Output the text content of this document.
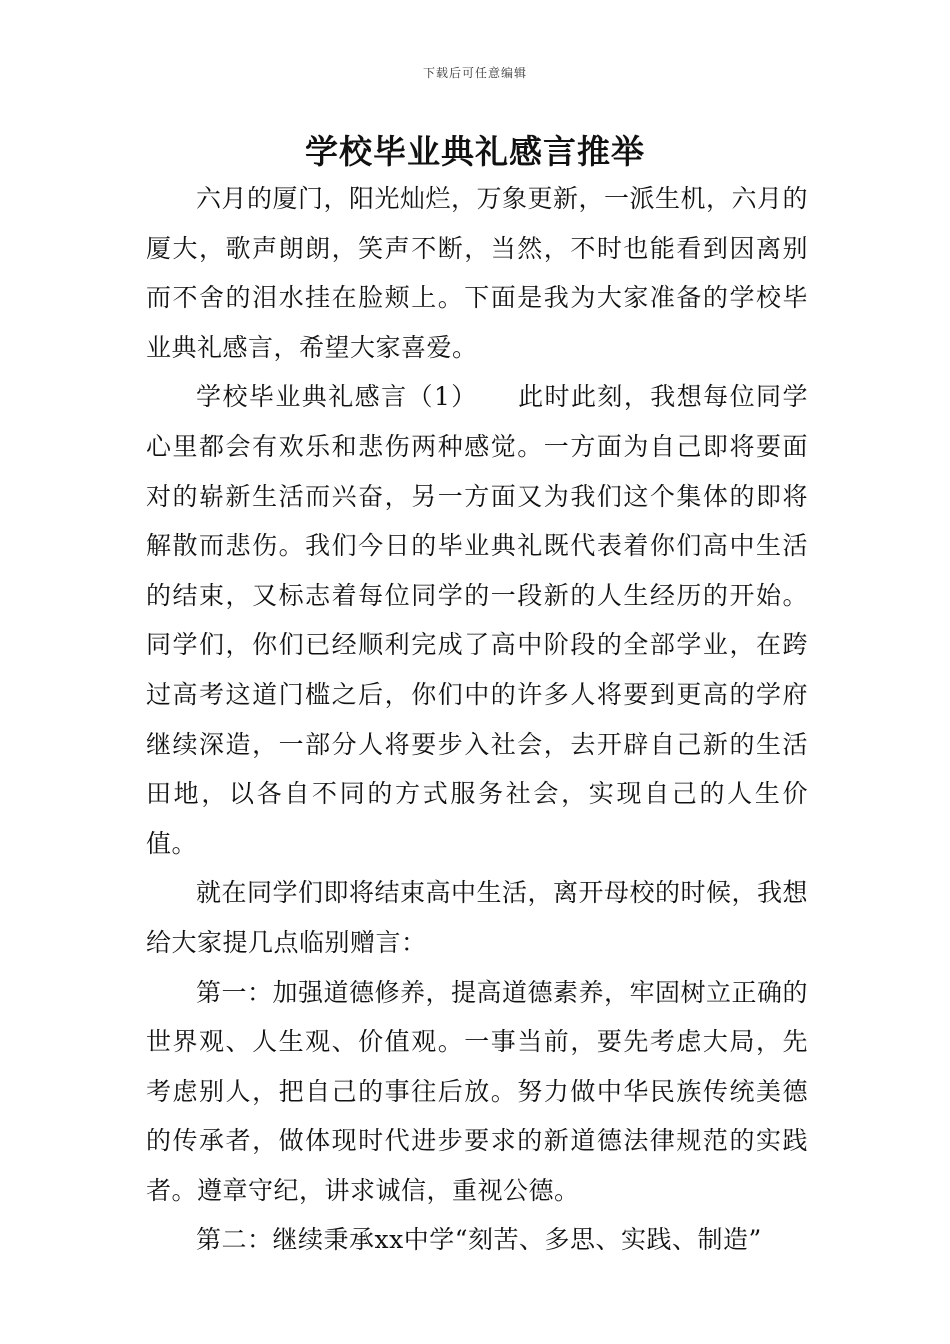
下载后可任意编辑
学校毕业典礼感言推举

六月的厦门，阳光灿烂，万象更新，一派生机，六月的厦大，歌声朗朗，笑声不断，当然，不时也能看到因离别而不舍的泪水挂在脸颊上。下面是我为大家准备的学校毕业典礼感言，希望大家喜爱。

学校毕业典礼感言（1）　　此时此刻，我想每位同学心里都会有欢乐和悲伤两种感觉。一方面为自己即将要面对的崭新生活而兴奋，另一方面又为我们这个集体的即将解散而悲伤。我们今日的毕业典礼既代表着你们高中生活的结束，又标志着每位同学的一段新的人生经历的开始。同学们，你们已经顺利完成了高中阶段的全部学业，在跨过高考这道门槛之后，你们中的许多人将要到更高的学府继续深造，一部分人将要步入社会，去开辟自己新的生活田地，以各自不同的方式服务社会，实现自己的人生价值。

就在同学们即将结束高中生活，离开母校的时候，我想给大家提几点临别赠言：

第一：加强道德修养，提高道德素养，牢固树立正确的世界观、人生观、价值观。一事当前，要先考虑大局，先考虑别人，把自己的事往后放。努力做中华民族传统美德的传承者，做体现时代进步要求的新道德法律规范的实践者。遵章守纪，讲求诚信，重视公德。

第二：继续秉承xx中学“刻苦、多思、实践、制造”
